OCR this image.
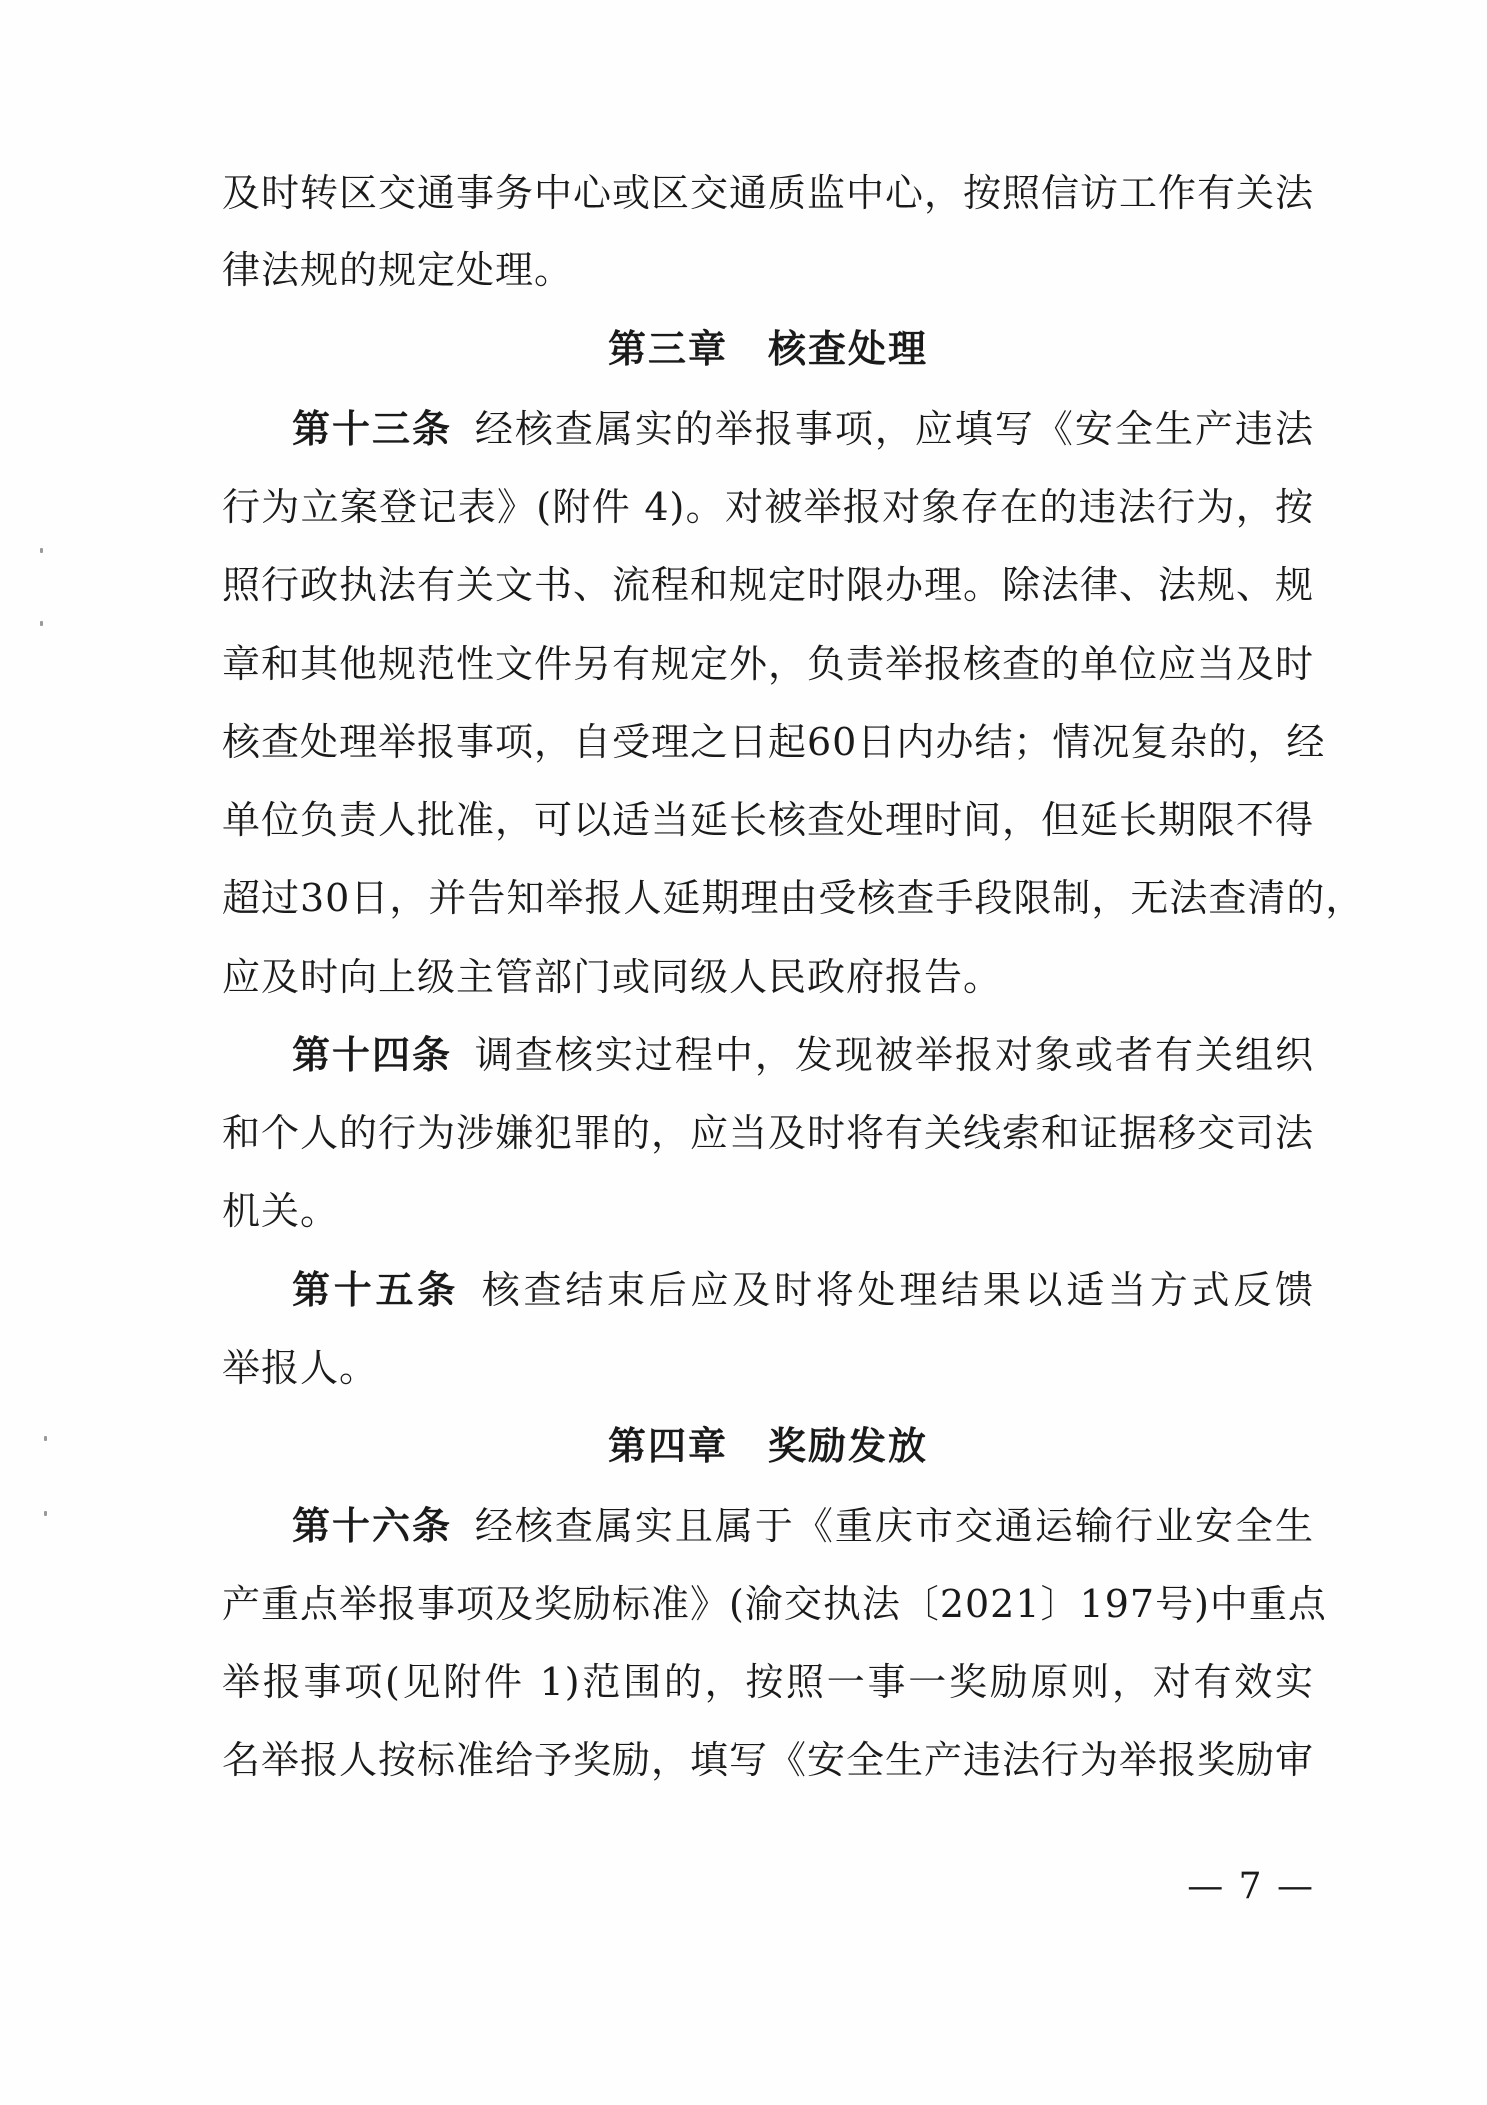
及时转区交通事务中心或区交通质监中心，按照信访工作有关法

律法规的规定处理。

第三章　核查处理

第十三条 经核查属实的举报事项，应填写《安全生产违法

行为立案登记表》(附件 4)。对被举报对象存在的违法行为，按

照行政执法有关文书、流程和规定时限办理。除法律、法规、规

章和其他规范性文件另有规定外，负责举报核查的单位应当及时

核查处理举报事项，自受理之日起60日内办结；情况复杂的，经

单位负责人批准，可以适当延长核查处理时间，但延长期限不得

超过30日，并告知举报人延期理由受核查手段限制，无法查清的，

应及时向上级主管部门或同级人民政府报告。

第十四条 调查核实过程中，发现被举报对象或者有关组织

和个人的行为涉嫌犯罪的，应当及时将有关线索和证据移交司法

机关。

第十五条 核查结束后应及时将处理结果以适当方式反馈

举报人。

第四章　奖励发放

第十六条 经核查属实且属于《重庆市交通运输行业安全生

产重点举报事项及奖励标准》(渝交执法〔2021〕197号)中重点

举报事项(见附件 1)范围的，按照一事一奖励原则，对有效实

名举报人按标准给予奖励，填写《安全生产违法行为举报奖励审

— 7 —
